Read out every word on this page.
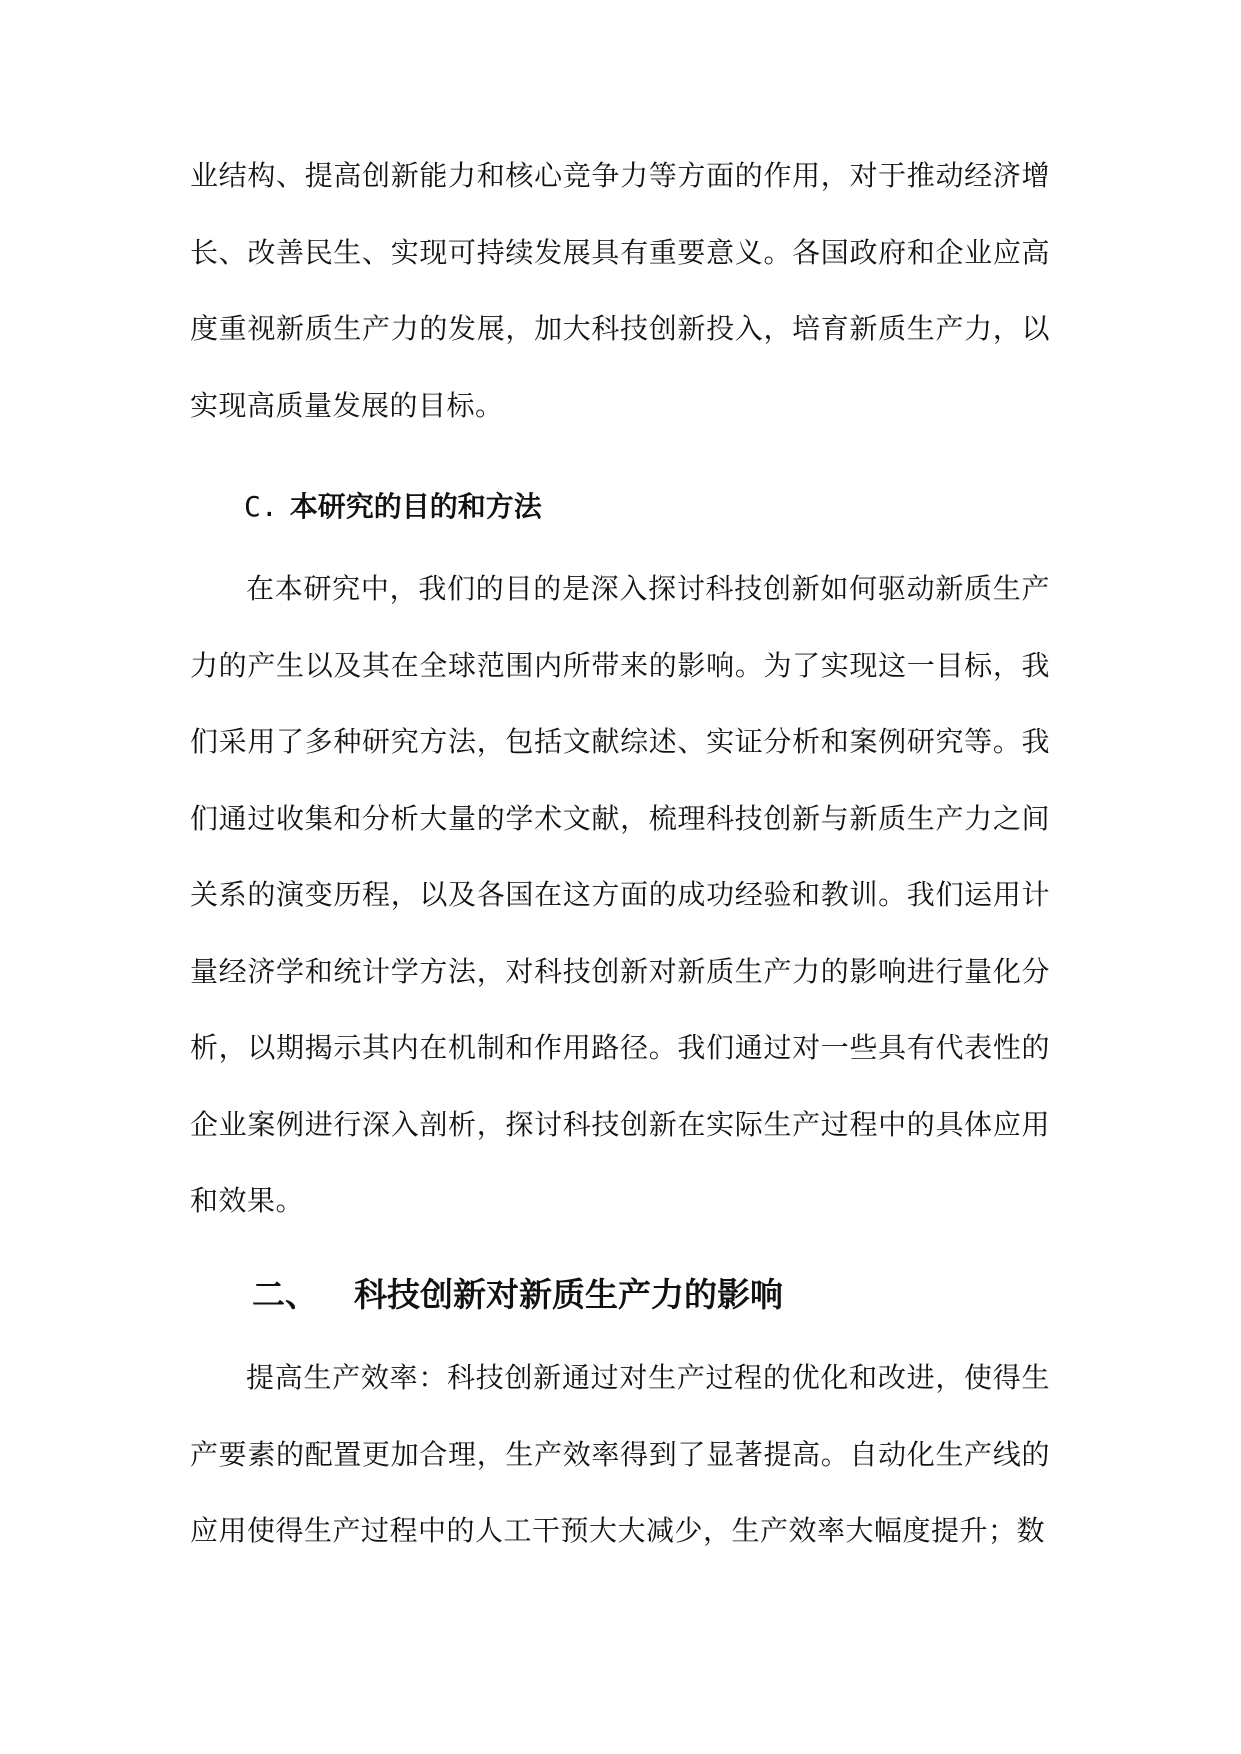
业结构、提高创新能力和核心竞争力等方面的作用，对于推动经济增长、改善民生、实现可持续发展具有重要意义。各国政府和企业应高度重视新质生产力的发展，加大科技创新投入，培育新质生产力，以实现高质量发展的目标。

C. 本研究的目的和方法

在本研究中，我们的目的是深入探讨科技创新如何驱动新质生产力的产生以及其在全球范围内所带来的影响。为了实现这一目标，我们采用了多种研究方法，包括文献综述、实证分析和案例研究等。我们通过收集和分析大量的学术文献，梳理科技创新与新质生产力之间关系的演变历程，以及各国在这方面的成功经验和教训。我们运用计量经济学和统计学方法，对科技创新对新质生产力的影响进行量化分析，以期揭示其内在机制和作用路径。我们通过对一些具有代表性的企业案例进行深入剖析，探讨科技创新在实际生产过程中的具体应用和效果。

二、 科技创新对新质生产力的影响

提高生产效率：科技创新通过对生产过程的优化和改进，使得生产要素的配置更加合理，生产效率得到了显著提高。自动化生产线的应用使得生产过程中的人工干预大大减少，生产效率大幅度提升；数
